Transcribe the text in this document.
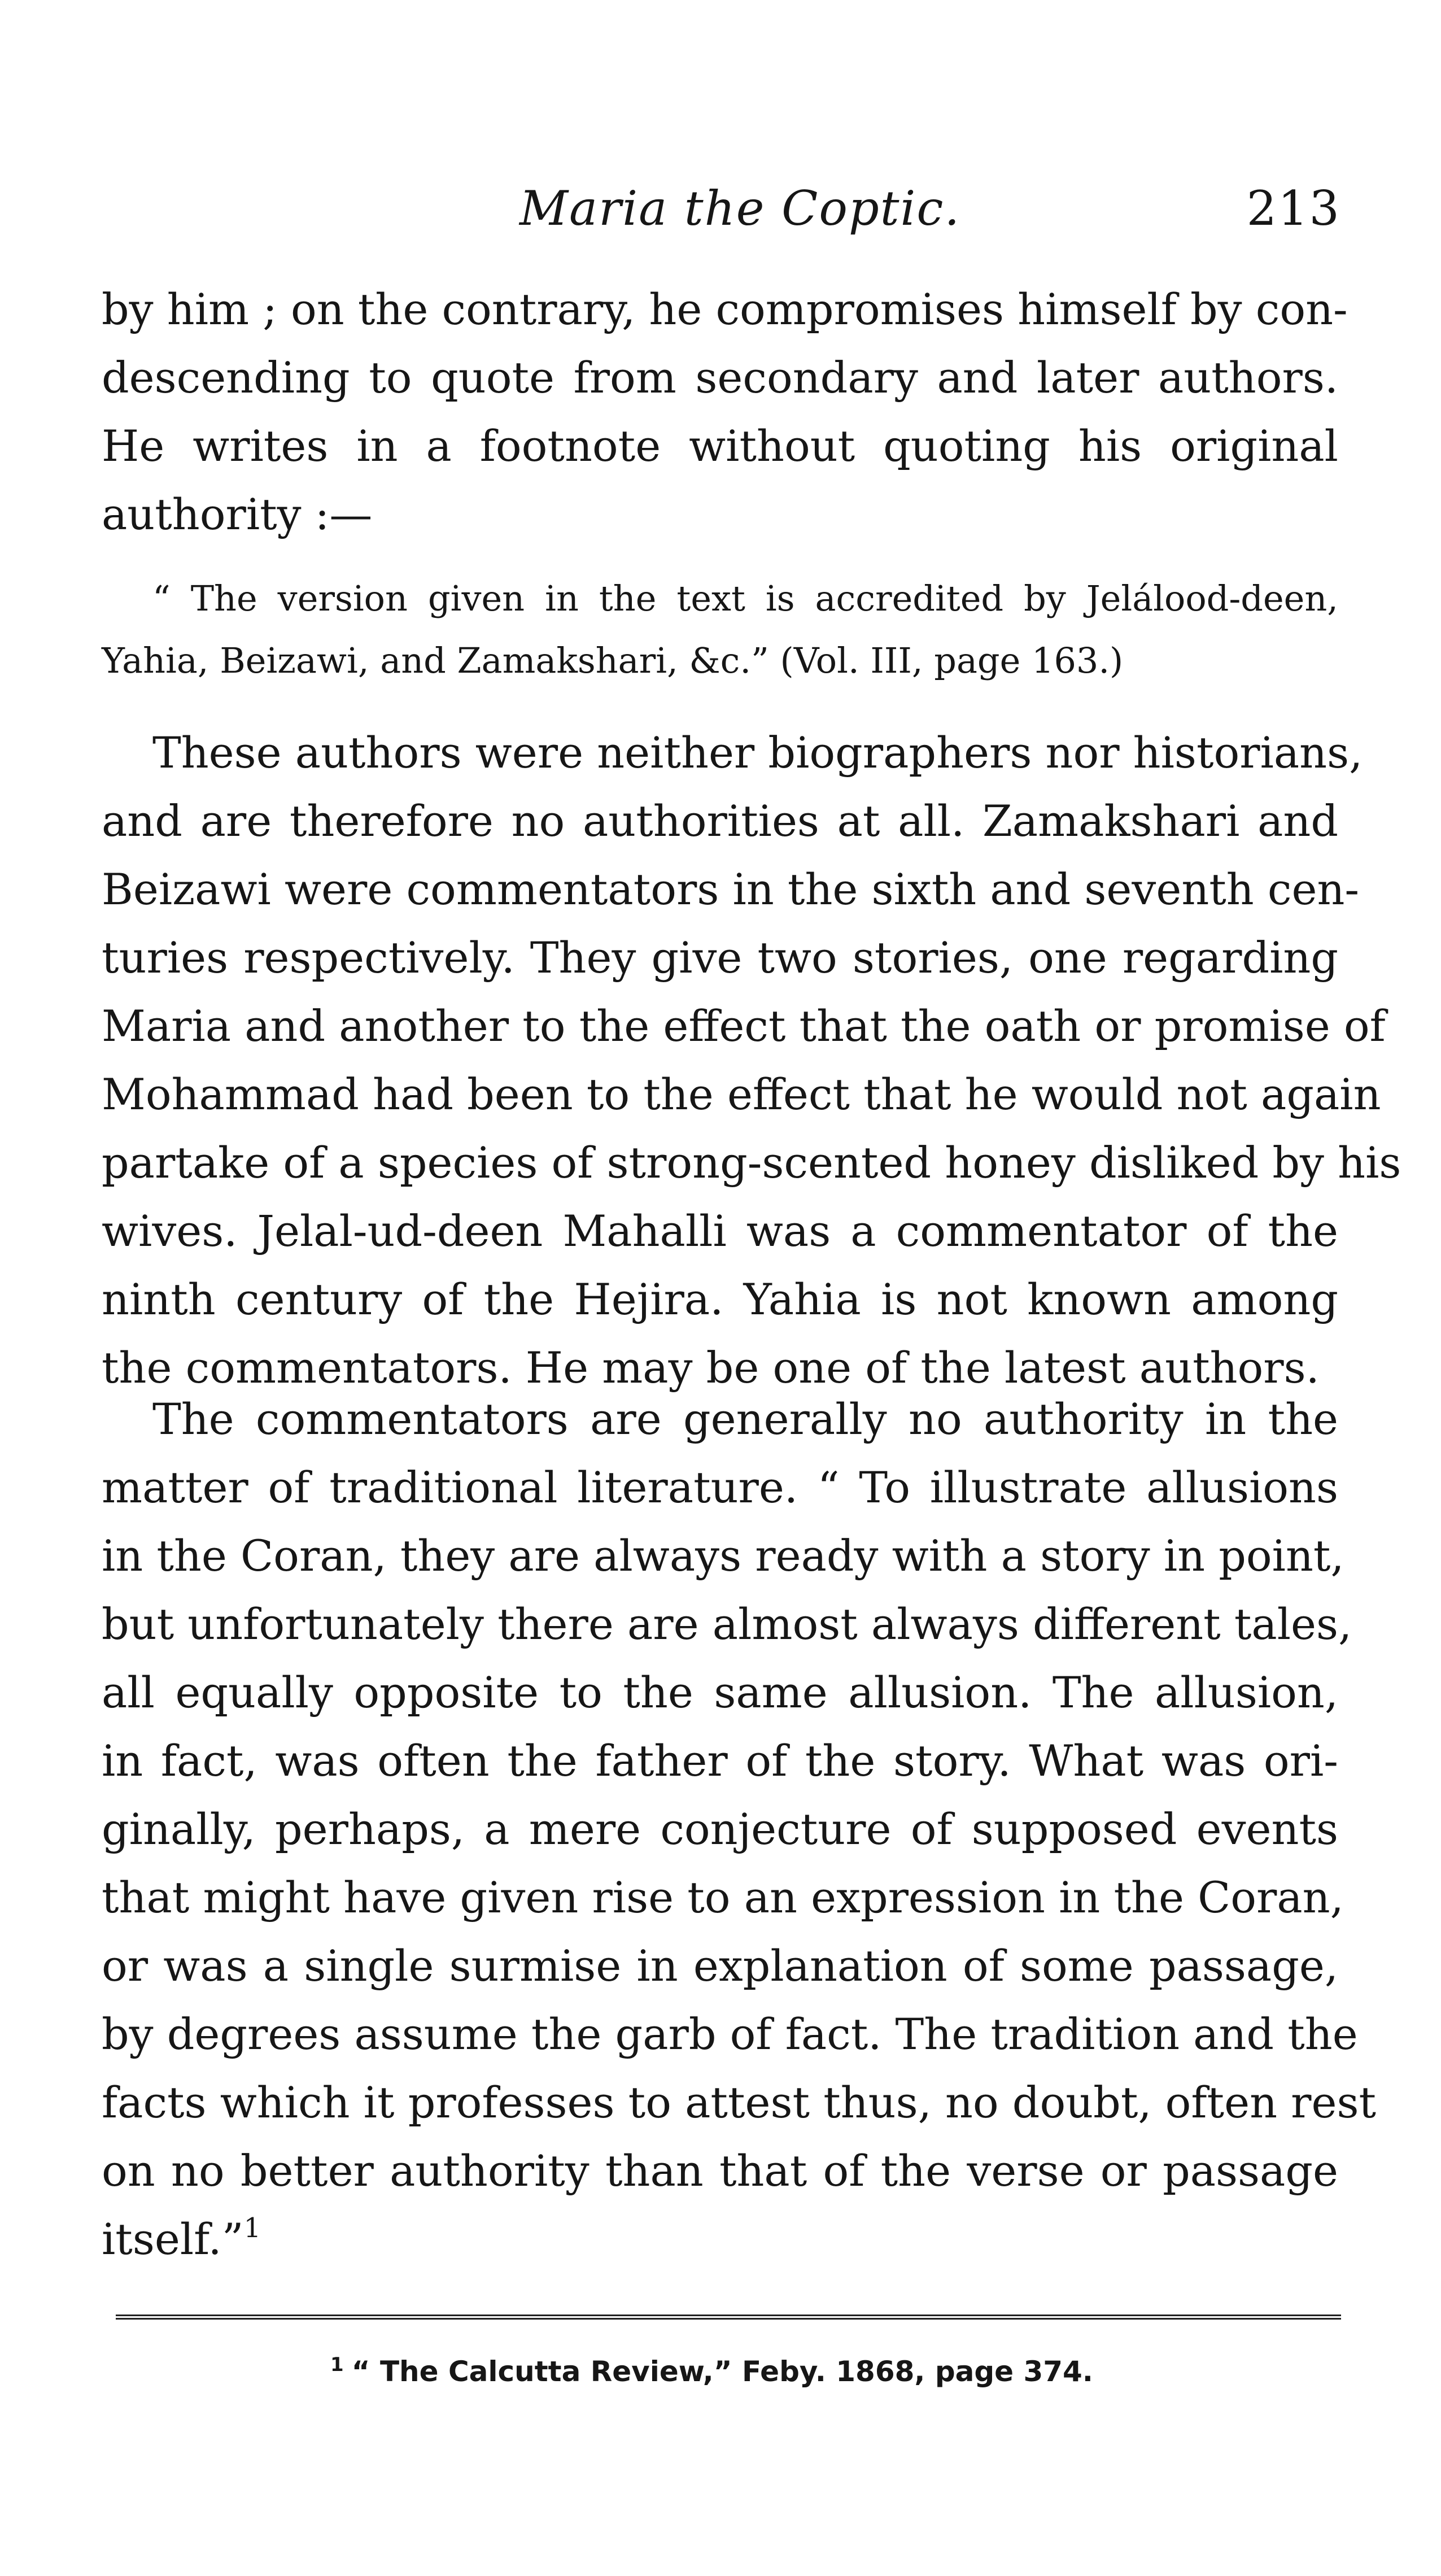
Maria the Coptic.	213
by him ; on the contrary, he compromises himself by con-
descending to quote from secondary and later authors.
He writes in a footnote without quoting his original
authority :—
“ The version given in the text is accredited by Jelálood-deen,
Yahia, Beizawi, and Zamakshari, &c.” (Vol. III, page 163.)
These authors were neither biographers nor historians,
and are therefore no authorities at all. Zamakshari and
Beizawi were commentators in the sixth and seventh cen-
turies respectively. They give two stories, one regarding
Maria and another to the effect that the oath or promise of
Mohammad had been to the effect that he would not again
partake of a species of strong-scented honey disliked by his
wives. Jelal-ud-deen Mahalli was a commentator of the
ninth century of the Hejira. Yahia is not known among
the commentators. He may be one of the latest authors.
The commentators are generally no authority in the
matter of traditional literature. “ To illustrate allusions
in the Coran, they are always ready with a story in point,
but unfortunately there are almost always different tales,
all equally opposite to the same allusion. The allusion,
in fact, was often the father of the story. What was ori-
ginally, perhaps, a mere conjecture of supposed events
that might have given rise to an expression in the Coran,
or was a single surmise in explanation of some passage,
by degrees assume the garb of fact. The tradition and the
facts which it professes to attest thus, no doubt, often rest
on no better authority than that of the verse or passage
itself.”$^1$
$^1$ “ The Calcutta Review,” Feby. 1868, page 374.
